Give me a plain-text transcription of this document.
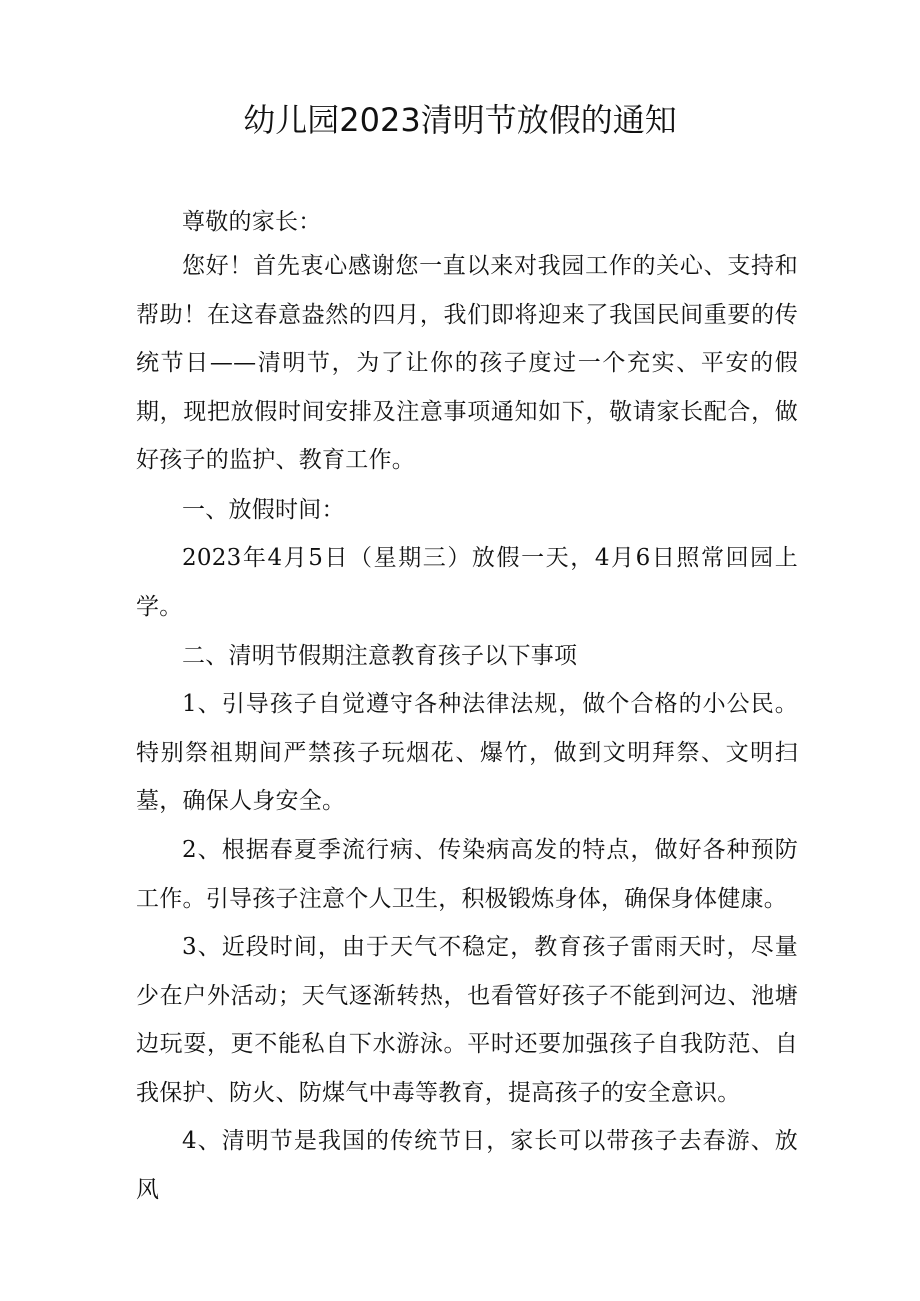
幼儿园2023清明节放假的通知

尊敬的家长：

您好！首先衷心感谢您一直以来对我园工作的关心、支持和帮助！在这春意盎然的四月，我们即将迎来了我国民间重要的传统节日——清明节，为了让你的孩子度过一个充实、平安的假期，现把放假时间安排及注意事项通知如下，敬请家长配合，做好孩子的监护、教育工作。

一、放假时间：

2023年4月5日（星期三）放假一天，4月6日照常回园上学。

二、清明节假期注意教育孩子以下事项

1、引导孩子自觉遵守各种法律法规，做个合格的小公民。特别祭祖期间严禁孩子玩烟花、爆竹，做到文明拜祭、文明扫墓，确保人身安全。

2、根据春夏季流行病、传染病高发的特点，做好各种预防工作。引导孩子注意个人卫生，积极锻炼身体，确保身体健康。

3、近段时间，由于天气不稳定，教育孩子雷雨天时，尽量少在户外活动；天气逐渐转热，也看管好孩子不能到河边、池塘边玩耍，更不能私自下水游泳。平时还要加强孩子自我防范、自我保护、防火、防煤气中毒等教育，提高孩子的安全意识。

4、清明节是我国的传统节日，家长可以带孩子去春游、放风
